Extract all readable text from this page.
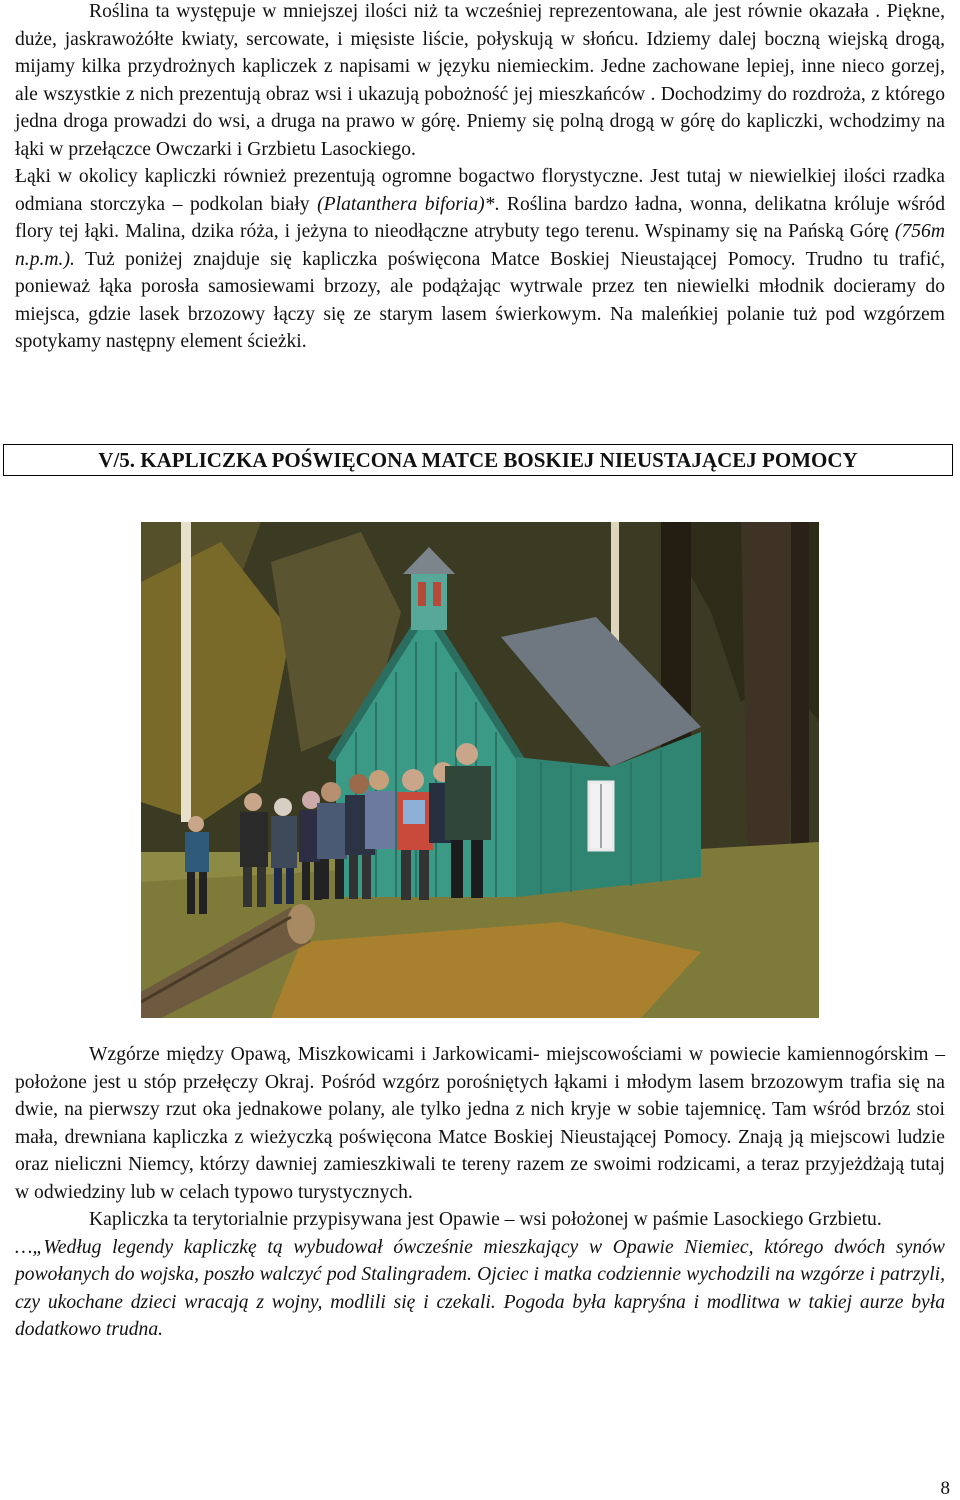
Roślina ta występuje w mniejszej ilości niż ta wcześniej reprezentowana, ale jest równie okazała . Piękne, duże, jaskrawożółte kwiaty, sercowate, i mięsiste liście, połyskują w słońcu. Idziemy dalej boczną wiejską drogą, mijamy kilka przydrożnych kapliczek z napisami w języku niemieckim. Jedne zachowane lepiej, inne nieco gorzej, ale wszystkie z nich prezentują obraz wsi i ukazują pobożność jej mieszkańców . Dochodzimy do rozdroża, z którego jedna droga prowadzi do wsi, a druga na prawo w górę. Pniemy się polną drogą w górę do kapliczki, wchodzimy na łąki w przełączce Owczarki i Grzbietu Lasockiego.

Łąki w okolicy kapliczki również prezentują ogromne bogactwo florystyczne. Jest tutaj w niewielkiej ilości rzadka odmiana storczyka – podkolan biały (Platanthera biforia)*. Roślina bardzo ładna, wonna, delikatna króluje wśród flory tej łąki. Malina, dzika róża, i jeżyna to nieodłączne atrybuty tego terenu. Wspinamy się na Pańską Górę (756m n.p.m.). Tuż poniżej znajduje się kapliczka poświęcona Matce Boskiej Nieustającej Pomocy. Trudno tu trafić, ponieważ łąka porosła samosiewami brzozy, ale podążając wytrwale przez ten niewielki młodnik docieramy do miejsca, gdzie lasek brzozowy łączy się ze starym lasem świerkowym. Na maleńkiej polanie tuż pod wzgórzem spotykamy następny element ścieżki.

V/5. KAPLICZKA POŚWIĘCONA MATCE BOSKIEJ NIEUSTAJĄCEJ POMOCY

Wzgórze między Opawą, Miszkowicami i Jarkowicami- miejscowościami w powiecie kamiennogórskim – położone jest u stóp przełęczy Okraj. Pośród wzgórz porośniętych łąkami i młodym lasem brzozowym trafia się na dwie, na pierwszy rzut oka jednakowe polany, ale tylko jedna z nich kryje w sobie tajemnicę. Tam wśród brzóz stoi mała, drewniana kapliczka z wieżyczką poświęcona Matce Boskiej Nieustającej Pomocy. Znają ją miejscowi ludzie oraz nieliczni Niemcy, którzy dawniej zamieszkiwali te tereny razem ze swoimi rodzicami, a teraz przyjeżdżają tutaj w odwiedziny lub w celach typowo turystycznych.

Kapliczka ta terytorialnie przypisywana jest Opawie – wsi położonej w paśmie Lasockiego Grzbietu.

…„Według legendy kapliczkę tą wybudował ówcześnie mieszkający w Opawie Niemiec, którego dwóch synów powołanych do wojska, poszło walczyć pod Stalingradem. Ojciec i matka codziennie wychodzili na wzgórze i patrzyli, czy ukochane dzieci wracają z wojny, modlili się i czekali. Pogoda była kapryśna i modlitwa w takiej aurze była dodatkowo trudna.

8
